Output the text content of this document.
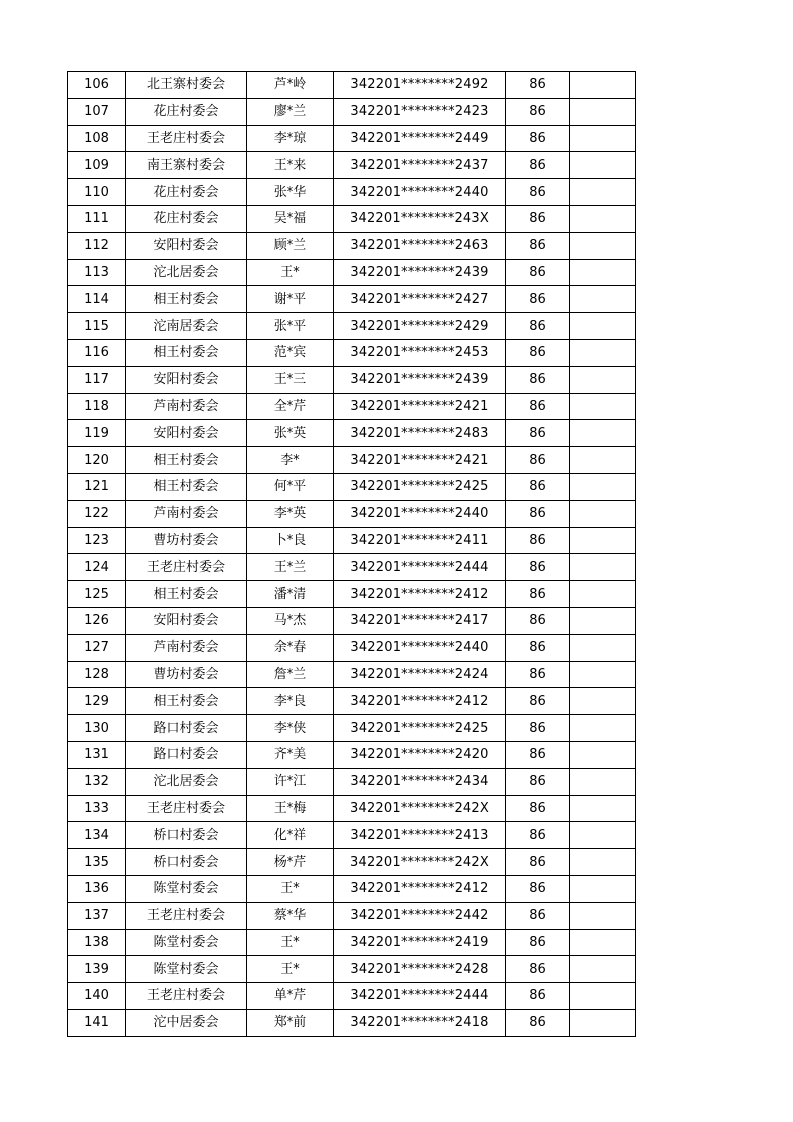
106	北王寨村委会	芦*岭	342201********2492	86	
107	花庄村委会	廖*兰	342201********2423	86	
108	王老庄村委会	李*琼	342201********2449	86	
109	南王寨村委会	王*来	342201********2437	86	
110	花庄村委会	张*华	342201********2440	86	
111	花庄村委会	吴*福	342201********243X	86	
112	安阳村委会	顾*兰	342201********2463	86	
113	沱北居委会	王*	342201********2439	86	
114	相王村委会	谢*平	342201********2427	86	
115	沱南居委会	张*平	342201********2429	86	
116	相王村委会	范*宾	342201********2453	86	
117	安阳村委会	王*三	342201********2439	86	
118	芦南村委会	全*芹	342201********2421	86	
119	安阳村委会	张*英	342201********2483	86	
120	相王村委会	李*	342201********2421	86	
121	相王村委会	何*平	342201********2425	86	
122	芦南村委会	李*英	342201********2440	86	
123	曹坊村委会	卜*良	342201********2411	86	
124	王老庄村委会	王*兰	342201********2444	86	
125	相王村委会	潘*清	342201********2412	86	
126	安阳村委会	马*杰	342201********2417	86	
127	芦南村委会	余*春	342201********2440	86	
128	曹坊村委会	詹*兰	342201********2424	86	
129	相王村委会	李*良	342201********2412	86	
130	路口村委会	李*侠	342201********2425	86	
131	路口村委会	齐*美	342201********2420	86	
132	沱北居委会	许*江	342201********2434	86	
133	王老庄村委会	王*梅	342201********242X	86	
134	桥口村委会	化*祥	342201********2413	86	
135	桥口村委会	杨*芹	342201********242X	86	
136	陈堂村委会	王*	342201********2412	86	
137	王老庄村委会	蔡*华	342201********2442	86	
138	陈堂村委会	王*	342201********2419	86	
139	陈堂村委会	王*	342201********2428	86	
140	王老庄村委会	单*芹	342201********2444	86	
141	沱中居委会	郑*前	342201********2418	86	
